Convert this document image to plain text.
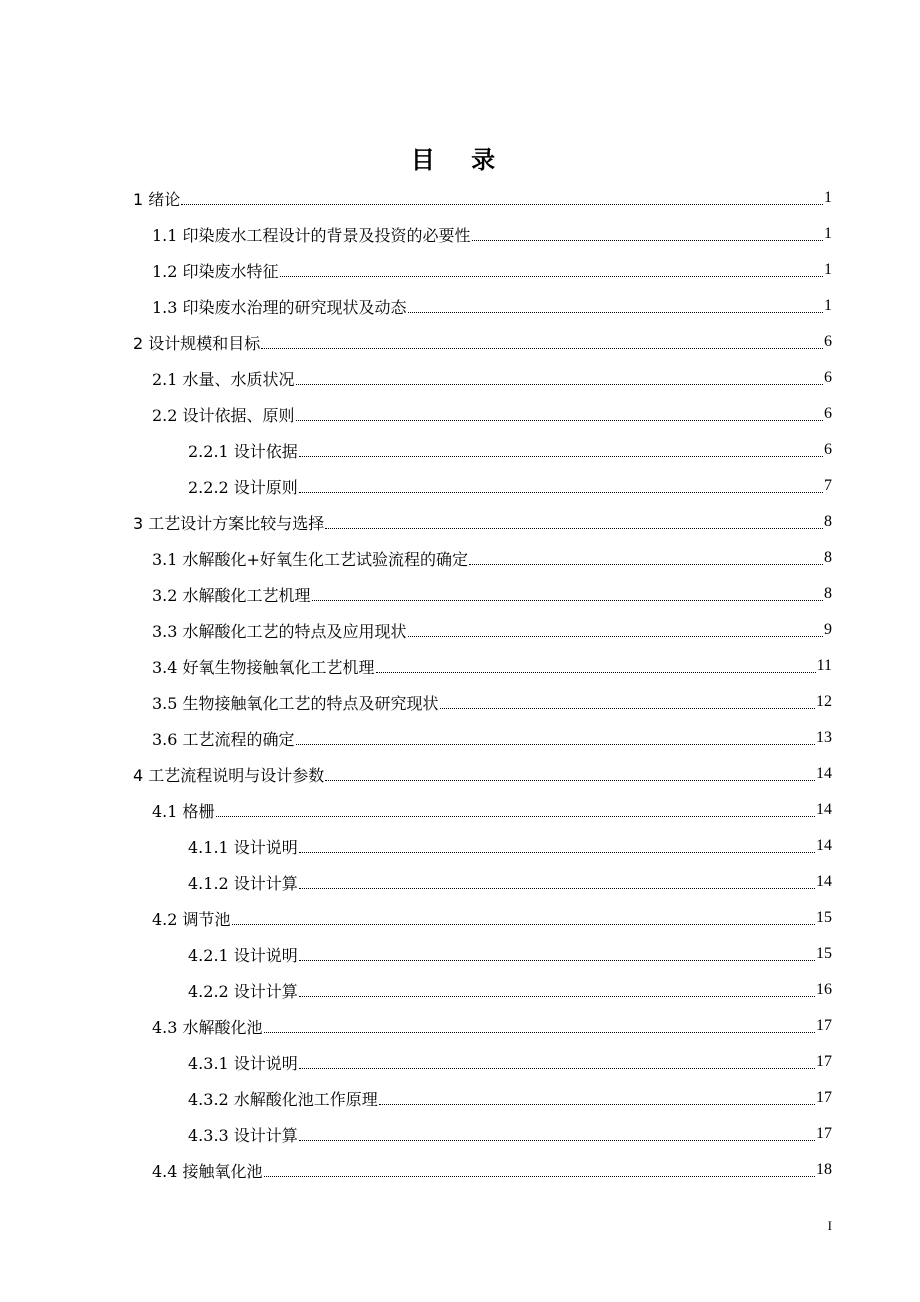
目 录
1 绪论	1
1.1 印染废水工程设计的背景及投资的必要性	1
1.2 印染废水特征	1
1.3 印染废水治理的研究现状及动态	1
2 设计规模和目标	6
2.1 水量、水质状况	6
2.2 设计依据、原则	6
2.2.1 设计依据	6
2.2.2 设计原则	7
3 工艺设计方案比较与选择	8
3.1 水解酸化+好氧生化工艺试验流程的确定	8
3.2 水解酸化工艺机理	8
3.3 水解酸化工艺的特点及应用现状	9
3.4 好氧生物接触氧化工艺机理	11
3.5 生物接触氧化工艺的特点及研究现状	12
3.6 工艺流程的确定	13
4 工艺流程说明与设计参数	14
4.1 格栅	14
4.1.1 设计说明	14
4.1.2 设计计算	14
4.2 调节池	15
4.2.1 设计说明	15
4.2.2 设计计算	16
4.3 水解酸化池	17
4.3.1 设计说明	17
4.3.2 水解酸化池工作原理	17
4.3.3 设计计算	17
4.4 接触氧化池	18
I
